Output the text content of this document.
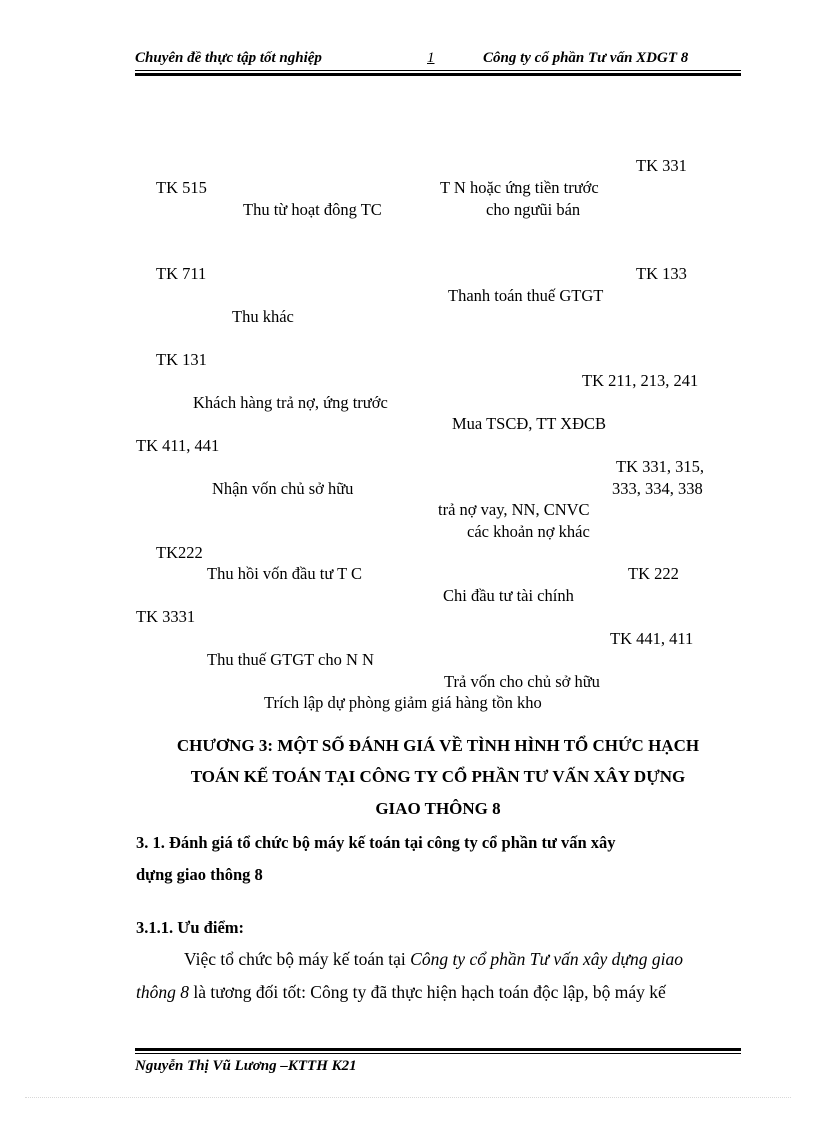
Chuyên đề thực tập tốt nghiệp	1	Công ty cổ phần Tư vấn XDGT 8
TK 331
TK 515	T N hoặc ứng tiền trước
Thu từ hoạt đông TC	cho ngưũi bán
TK 711	TK 133
Thanh toán thuế GTGT
Thu khác
TK 131
TK 211, 213, 241
Khách hàng trả nợ, ứng trước
Mua TSCĐ, TT XĐCB
TK 411, 441
TK 331, 315,
Nhận vốn chủ sở hữu	333, 334, 338
trả nợ vay, NN, CNVC
các khoản nợ khác
TK222
Thu hồi vốn đầu tư T C	TK 222
Chi đầu tư tài chính
TK 3331
TK 441, 411
Thu thuế GTGT cho N N
Trả vốn cho chủ sở hữu
Trích lập dự phòng giảm giá hàng tồn kho
CHƯƠNG 3: MỘT SỐ ĐÁNH GIÁ VỀ TÌNH HÌNH TỔ CHỨC HẠCH
TOÁN KẾ TOÁN TẠI CÔNG TY CỔ PHẦN TƯ VẤN XÂY DỰNG
GIAO THÔNG 8
3. 1. Đánh giá tổ chức bộ máy kế toán tại công ty cổ phần tư vấn xây
dựng giao thông 8
3.1.1. Ưu điểm:
Việc tổ chức bộ máy kế toán tại Công ty cổ phần Tư vấn xây dựng giao
thông 8 là tương đối tốt: Công ty đã thực hiện hạch toán độc lập, bộ máy kế
Nguyễn Thị Vũ Lương –KTTH K21
